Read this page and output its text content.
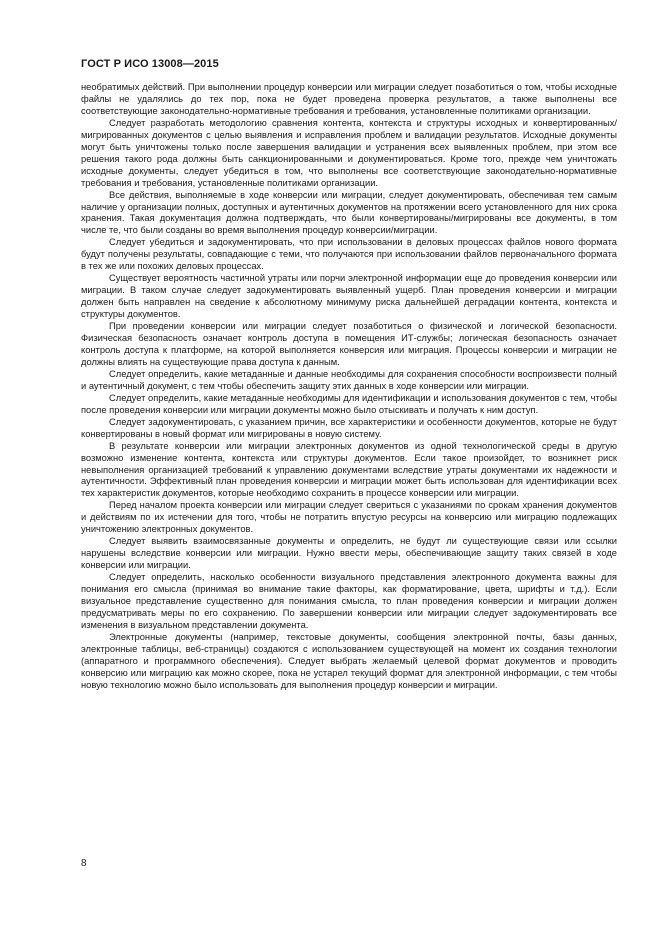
ГОСТ Р ИСО 13008—2015

необратимых действий. При выполнении процедур конверсии или миграции следует позаботиться о том, чтобы исходные файлы не удалялись до тех пор, пока не будет проведена проверка результатов, а также выполнены все соответствующие законодательно-нормативные требования и требования, установленные политиками организации.

Следует разработать методологию сравнения контента, контекста и структуры исходных и конвертированных/мигрированных документов с целью выявления и исправления проблем и валидации результатов. Исходные документы могут быть уничтожены только после завершения валидации и устранения всех выявленных проблем, при этом все решения такого рода должны быть санкционированными и документироваться. Кроме того, прежде чем уничтожать исходные документы, следует убедиться в том, что выполнены все соответствующие законодательно-нормативные требования и требования, установленные политиками организации.

Все действия, выполняемые в ходе конверсии или миграции, следует документировать, обеспечивая тем самым наличие у организации полных, доступных и аутентичных документов на протяжении всего установленного для них срока хранения. Такая документация должна подтверждать, что были конвертированы/мигрированы все документы, в том числе те, что были созданы во время выполнения процедур конверсии/миграции.

Следует убедиться и задокументировать, что при использовании в деловых процессах файлов нового формата будут получены результаты, совпадающие с теми, что получаются при использовании файлов первоначального формата в тех же или похожих деловых процессах.

Существует вероятность частичной утраты или порчи электронной информации еще до проведения конверсии или миграции. В таком случае следует задокументировать выявленный ущерб. План проведения конверсии и миграции должен быть направлен на сведение к абсолютному минимуму риска дальнейшей деградации контента, контекста и структуры документов.

При проведении конверсии или миграции следует позаботиться о физической и логической безопасности. Физическая безопасность означает контроль доступа в помещения ИТ-службы; логическая безопасность означает контроль доступа к платформе, на которой выполняется конверсия или миграция. Процессы конверсии и миграции не должны влиять на существующие права доступа к данным.

Следует определить, какие метаданные и данные необходимы для сохранения способности воспроизвести полный и аутентичный документ, с тем чтобы обеспечить защиту этих данных в ходе конверсии или миграции.

Следует определить, какие метаданные необходимы для идентификации и использования документов с тем, чтобы после проведения конверсии или миграции документы можно было отыскивать и получать к ним доступ.

Следует задокументировать, с указанием причин, все характеристики и особенности документов, которые не будут конвертированы в новый формат или мигрированы в новую систему.

В результате конверсии или миграции электронных документов из одной технологической среды в другую возможно изменение контента, контекста или структуры документов. Если такое произойдет, то возникнет риск невыполнения организацией требований к управлению документами вследствие утраты документами их надежности и аутентичности. Эффективный план проведения конверсии и миграции может быть использован для идентификации всех тех характеристик документов, которые необходимо сохранить в процессе конверсии или миграции.

Перед началом проекта конверсии или миграции следует свериться с указаниями по срокам хранения документов и действиям по их истечении для того, чтобы не потратить впустую ресурсы на конверсию или миграцию подлежащих уничтожению электронных документов.

Следует выявить взаимосвязанные документы и определить, не будут ли существующие связи или ссылки нарушены вследствие конверсии или миграции. Нужно ввести меры, обеспечивающие защиту таких связей в ходе конверсии или миграции.

Следует определить, насколько особенности визуального представления электронного документа важны для понимания его смысла (принимая во внимание такие факторы, как форматирование, цвета, шрифты и т.д.). Если визуальное представление существенно для понимания смысла, то план проведения конверсии и миграции должен предусматривать меры по его сохранению. По завершении конверсии или миграции следует задокументировать все изменения в визуальном представлении документа.

Электронные документы (например, текстовые документы, сообщения электронной почты, базы данных, электронные таблицы, веб-страницы) создаются с использованием существующей на момент их создания технологии (аппаратного и программного обеспечения). Следует выбрать желаемый целевой формат документов и проводить конверсию или миграцию как можно скорее, пока не устарел текущий формат для электронной информации, с тем чтобы новую технологию можно было использовать для выполнения процедур конверсии и миграции.

8
